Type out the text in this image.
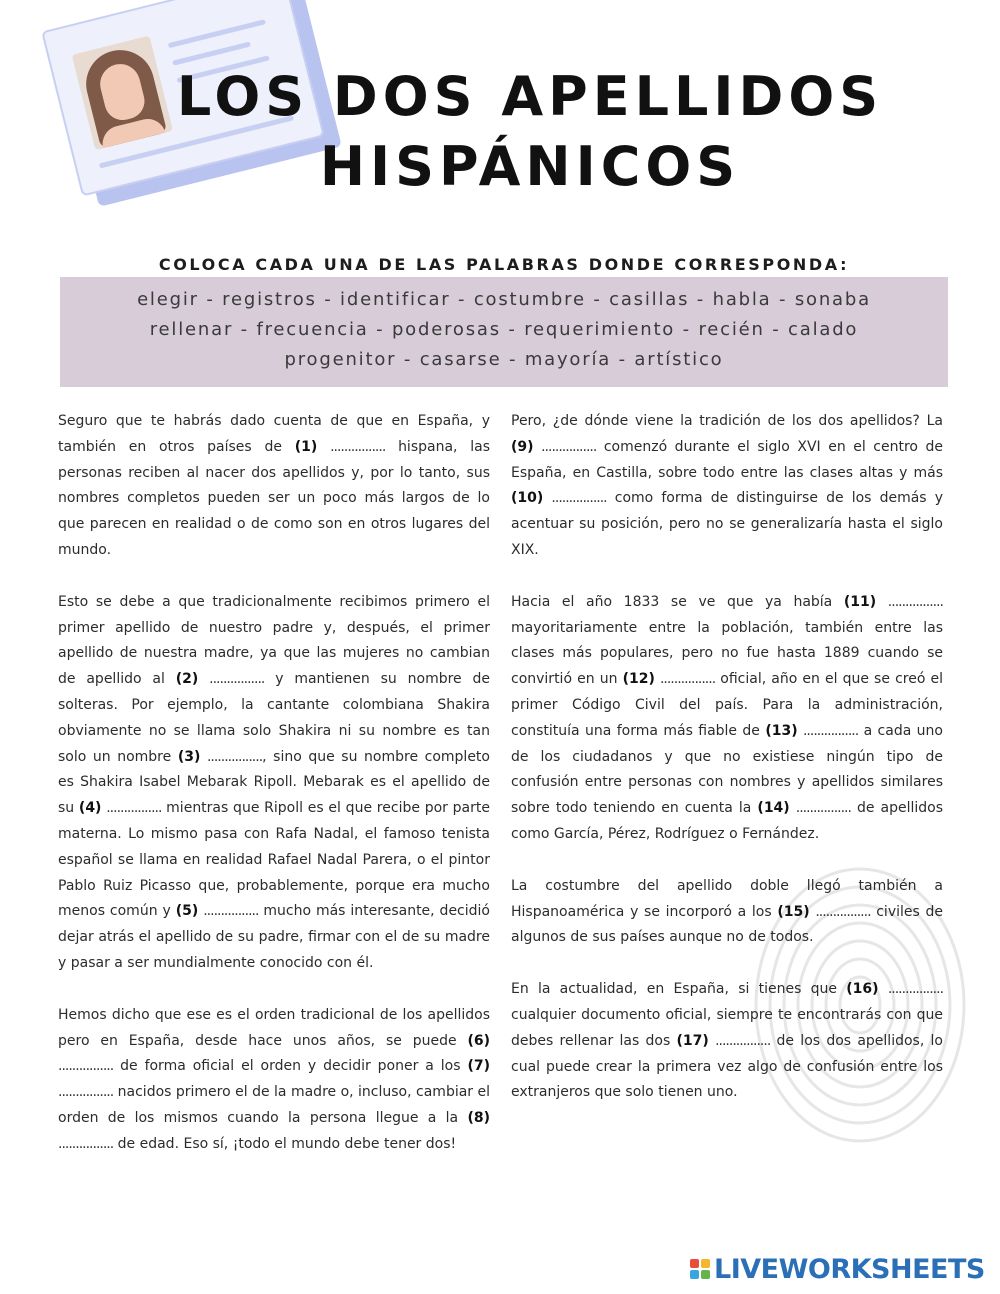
LOS DOS APELLIDOS
HISPÁNICOS
COLOCA CADA UNA DE LAS PALABRAS DONDE CORRESPONDA:
elegir - registros - identificar - costumbre - casillas - habla - sonaba
rellenar - frecuencia - poderosas - requerimiento - recién - calado
progenitor - casarse - mayoría - artístico

Seguro que te habrás dado cuenta de que en España, y también en otros países de (1) ................ hispana, las personas reciben al nacer dos apellidos y, por lo tanto, sus nombres completos pueden ser un poco más largos de lo que parecen en realidad o de como son en otros lugares del mundo.

Esto se debe a que tradicionalmente recibimos primero el primer apellido de nuestro padre y, después, el primer apellido de nuestra madre, ya que las mujeres no cambian de apellido al (2) ................ y mantienen su nombre de solteras. Por ejemplo, la cantante colombiana Shakira obviamente no se llama solo Shakira ni su nombre es tan solo un nombre (3) ................, sino que su nombre completo es Shakira Isabel Mebarak Ripoll. Mebarak es el apellido de su (4) ................ mientras que Ripoll es el que recibe por parte materna. Lo mismo pasa con Rafa Nadal, el famoso tenista español se llama en realidad Rafael Nadal Parera, o el pintor Pablo Ruiz Picasso que, probablemente, porque era mucho menos común y (5) ................ mucho más interesante, decidió dejar atrás el apellido de su padre, firmar con el de su madre y pasar a ser mundialmente conocido con él.

Hemos dicho que ese es el orden tradicional de los apellidos pero en España, desde hace unos años, se puede (6) ................ de forma oficial el orden y decidir poner a los (7) ................ nacidos primero el de la madre o, incluso, cambiar el orden de los mismos cuando la persona llegue a la (8) ................ de edad. Eso sí, ¡todo el mundo debe tener dos!

Pero, ¿de dónde viene la tradición de los dos apellidos? La (9) ................ comenzó durante el siglo XVI en el centro de España, en Castilla, sobre todo entre las clases altas y más (10) ................ como forma de distinguirse de los demás y acentuar su posición, pero no se generalizaría hasta el siglo XIX.

Hacia el año 1833 se ve que ya había (11) ................ mayoritariamente entre la población, también entre las clases más populares, pero no fue hasta 1889 cuando se convirtió en un (12) ................ oficial, año en el que se creó el primer Código Civil del país. Para la administración, constituía una forma más fiable de (13) ................ a cada uno de los ciudadanos y que no existiese ningún tipo de confusión entre personas con nombres y apellidos similares sobre todo teniendo en cuenta la (14) ................ de apellidos como García, Pérez, Rodríguez o Fernández.

La costumbre del apellido doble llegó también a Hispanoamérica y se incorporó a los (15) ................ civiles de algunos de sus países aunque no de todos.

En la actualidad, en España, si tienes que (16) ................ cualquier documento oficial, siempre te encontrarás con que debes rellenar las dos (17) ................ de los dos apellidos, lo cual puede crear la primera vez algo de confusión entre los extranjeros que solo tienen uno.

LIVEWORKSHEETS
